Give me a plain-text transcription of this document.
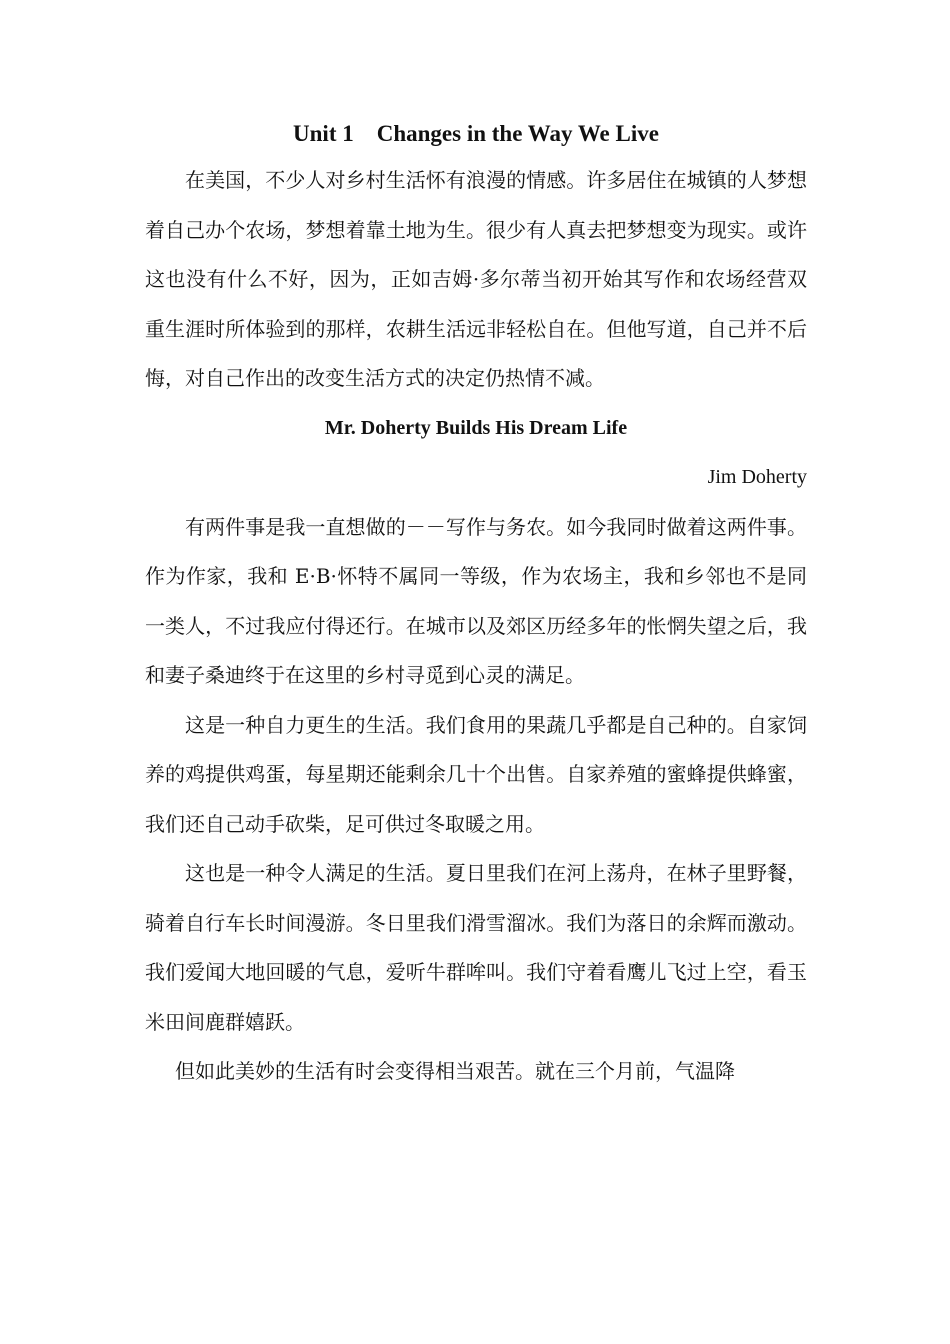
Unit 1    Changes in the Way We Live

在美国，不少人对乡村生活怀有浪漫的情感。许多居住在城镇的人梦想着自己办个农场，梦想着靠土地为生。很少有人真去把梦想变为现实。或许这也没有什么不好，因为，正如吉姆·多尔蒂当初开始其写作和农场经营双重生涯时所体验到的那样，农耕生活远非轻松自在。但他写道，自己并不后悔，对自己作出的改变生活方式的决定仍热情不减。

Mr. Doherty Builds His Dream Life
Jim Doherty

有两件事是我一直想做的－－写作与务农。如今我同时做着这两件事。作为作家，我和 E·B·怀特不属同一等级，作为农场主，我和乡邻也不是同一类人，不过我应付得还行。在城市以及郊区历经多年的怅惘失望之后，我和妻子桑迪终于在这里的乡村寻觅到心灵的满足。

这是一种自力更生的生活。我们食用的果蔬几乎都是自己种的。自家饲养的鸡提供鸡蛋，每星期还能剩余几十个出售。自家养殖的蜜蜂提供蜂蜜，我们还自己动手砍柴，足可供过冬取暖之用。

这也是一种令人满足的生活。夏日里我们在河上荡舟，在林子里野餐，骑着自行车长时间漫游。冬日里我们滑雪溜冰。我们为落日的余辉而激动。我们爱闻大地回暖的气息，爱听牛群哞叫。我们守着看鹰儿飞过上空，看玉米田间鹿群嬉跃。

但如此美妙的生活有时会变得相当艰苦。就在三个月前，气温降
